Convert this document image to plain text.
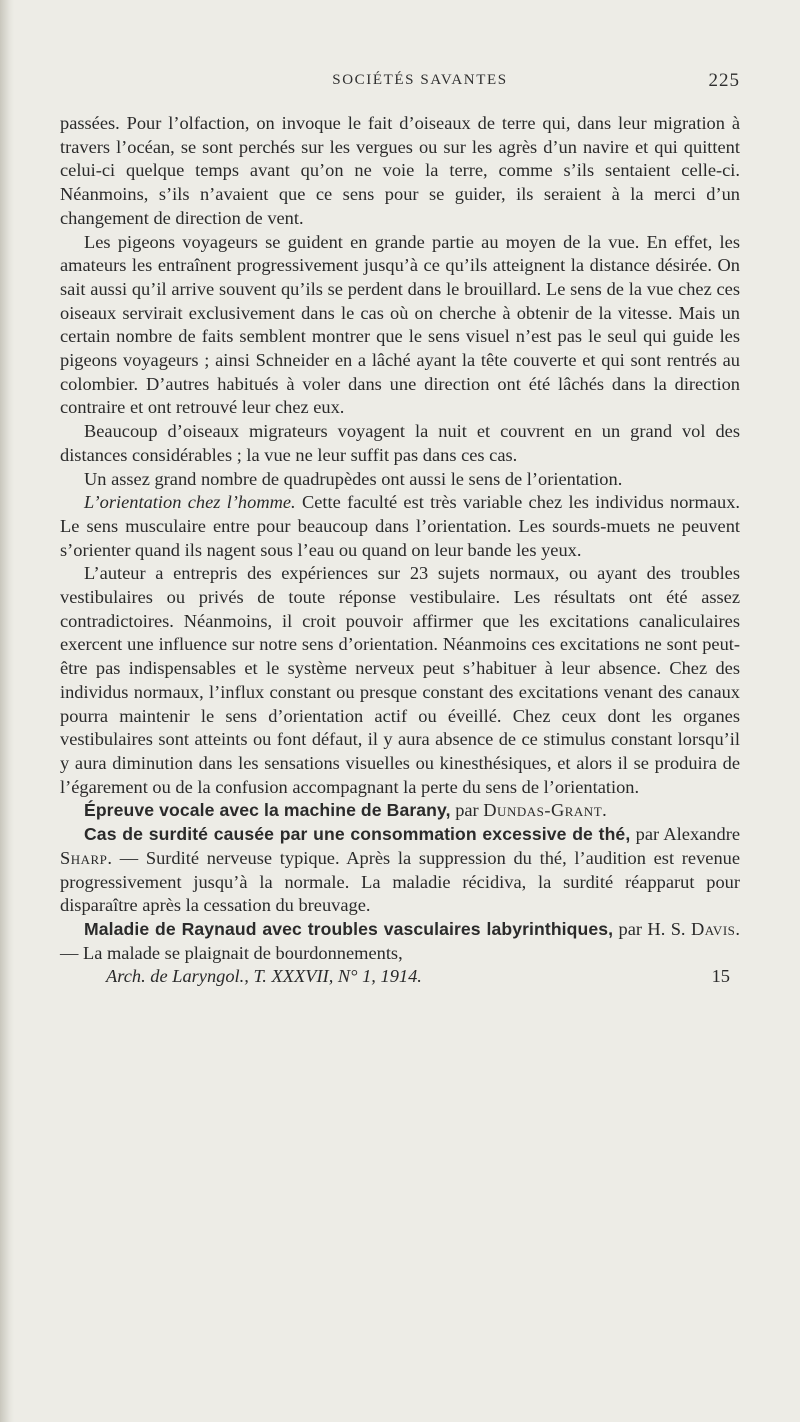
SOCIÉTÉS SAVANTES	225

passées. Pour l’olfaction, on invoque le fait d’oiseaux de terre qui, dans leur migration à travers l’océan, se sont perchés sur les vergues ou sur les agrès d’un navire et qui quittent celui-ci quelque temps avant qu’on ne voie la terre, comme s’ils sentaient celle-ci. Néanmoins, s’ils n’avaient que ce sens pour se guider, ils seraient à la merci d’un changement de direction de vent.

Les pigeons voyageurs se guident en grande partie au moyen de la vue. En effet, les amateurs les entraînent progressivement jusqu’à ce qu’ils atteignent la distance désirée. On sait aussi qu’il arrive souvent qu’ils se perdent dans le brouillard. Le sens de la vue chez ces oiseaux servirait exclusivement dans le cas où on cherche à obtenir de la vitesse. Mais un certain nombre de faits semblent montrer que le sens visuel n’est pas le seul qui guide les pigeons voyageurs ; ainsi Schneider en a lâché ayant la tête couverte et qui sont rentrés au colombier. D’autres habitués à voler dans une direction ont été lâchés dans la direction contraire et ont retrouvé leur chez eux.

Beaucoup d’oiseaux migrateurs voyagent la nuit et couvrent en un grand vol des distances considérables ; la vue ne leur suffit pas dans ces cas.

Un assez grand nombre de quadrupèdes ont aussi le sens de l’orientation.

L’orientation chez l’homme. Cette faculté est très variable chez les individus normaux. Le sens musculaire entre pour beaucoup dans l’orientation. Les sourds-muets ne peuvent s’orienter quand ils nagent sous l’eau ou quand on leur bande les yeux.

L’auteur a entrepris des expériences sur 23 sujets normaux, ou ayant des troubles vestibulaires ou privés de toute réponse vestibulaire. Les résultats ont été assez contradictoires. Néanmoins, il croit pouvoir affirmer que les excitations canaliculaires exercent une influence sur notre sens d’orientation. Néanmoins ces excitations ne sont peut-être pas indispensables et le système nerveux peut s’habituer à leur absence. Chez des individus normaux, l’influx constant ou presque constant des excitations venant des canaux pourra maintenir le sens d’orientation actif ou éveillé. Chez ceux dont les organes vestibulaires sont atteints ou font défaut, il y aura absence de ce stimulus constant lorsqu’il y aura diminution dans les sensations visuelles ou kinesthésiques, et alors il se produira de l’égarement ou de la confusion accompagnant la perte du sens de l’orientation.

Épreuve vocale avec la machine de Barany, par Dundas-Grant.

Cas de surdité causée par une consommation excessive de thé, par Alexandre Sharp. — Surdité nerveuse typique. Après la suppression du thé, l’audition est revenue progressivement jusqu’à la normale. La maladie récidiva, la surdité réapparut pour disparaître après la cessation du breuvage.

Maladie de Raynaud avec troubles vasculaires labyrinthiques, par H. S. Davis. — La malade se plaignait de bourdonnements,

Arch. de Laryngol., T. XXXVII, N° 1, 1914.	15
